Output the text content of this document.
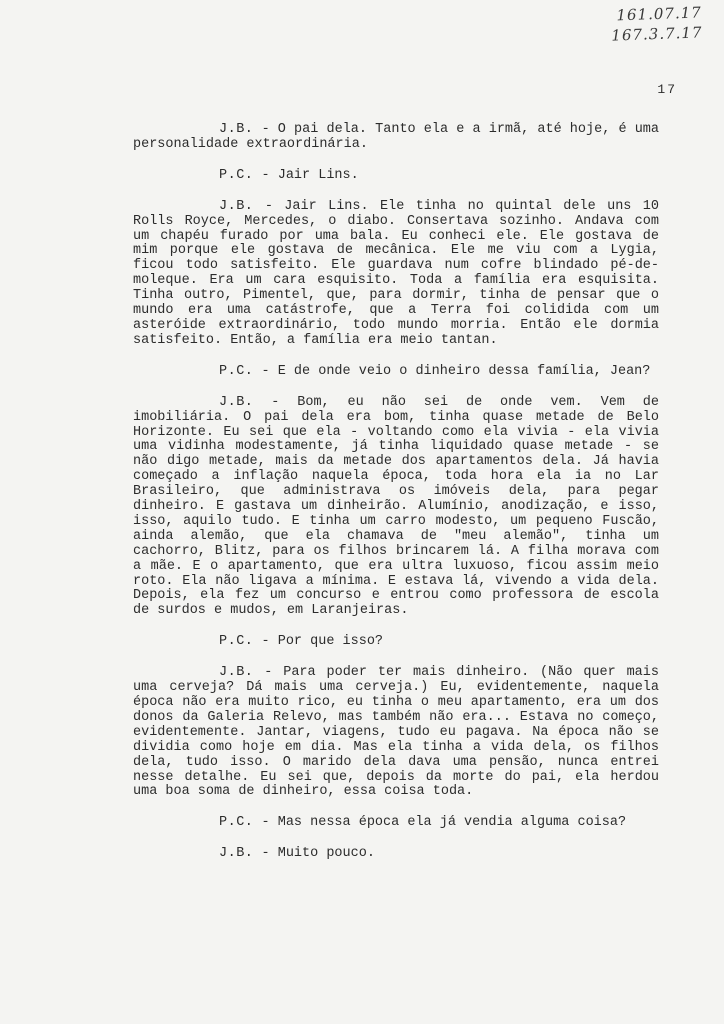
161.07.17
167.3.7.17
17

J.B. - O pai dela. Tanto ela e a irmã, até hoje, é uma personalidade extraordinária.

P.C. - Jair Lins.

J.B. - Jair Lins. Ele tinha no quintal dele uns 10 Rolls Royce, Mercedes, o diabo. Consertava sozinho. Andava com um chapéu furado por uma bala. Eu conheci ele. Ele gostava de mim porque ele gostava de mecânica. Ele me viu com a Lygia, ficou todo satisfeito. Ele guardava num cofre blindado pé-de-moleque. Era um cara esquisito. Toda a família era esquisita. Tinha outro, Pimentel, que, para dormir, tinha de pensar que o mundo era uma catástrofe, que a Terra foi colidida com um asteróide extraordinário, todo mundo morria. Então ele dormia satisfeito. Então, a família era meio tantan.

P.C. - E de onde veio o dinheiro dessa família, Jean?

J.B. - Bom, eu não sei de onde vem. Vem de imobiliária. O pai dela era bom, tinha quase metade de Belo Horizonte. Eu sei que ela - voltando como ela vivia - ela vivia uma vidinha modestamente, já tinha liquidado quase metade - se não digo metade, mais da metade dos apartamentos dela. Já havia começado a inflação naquela época, toda hora ela ia no Lar Brasileiro, que administrava os imóveis dela, para pegar dinheiro. E gastava um dinheirão. Alumínio, anodização, e isso, isso, aquilo tudo. E tinha um carro modesto, um pequeno Fuscão, ainda alemão, que ela chamava de "meu alemão", tinha um cachorro, Blitz, para os filhos brincarem lá. A filha morava com a mãe. E o apartamento, que era ultra luxuoso, ficou assim meio roto. Ela não ligava a mínima. E estava lá, vivendo a vida dela. Depois, ela fez um concurso e entrou como professora de escola de surdos e mudos, em Laranjeiras.

P.C. - Por que isso?

J.B. - Para poder ter mais dinheiro. (Não quer mais uma cerveja? Dá mais uma cerveja.) Eu, evidentemente, naquela época não era muito rico, eu tinha o meu apartamento, era um dos donos da Galeria Relevo, mas também não era... Estava no começo, evidentemente. Jantar, viagens, tudo eu pagava. Na época não se dividia como hoje em dia. Mas ela tinha a vida dela, os filhos dela, tudo isso. O marido dela dava uma pensão, nunca entrei nesse detalhe. Eu sei que, depois da morte do pai, ela herdou uma boa soma de dinheiro, essa coisa toda.

P.C. - Mas nessa época ela já vendia alguma coisa?

J.B. - Muito pouco.
